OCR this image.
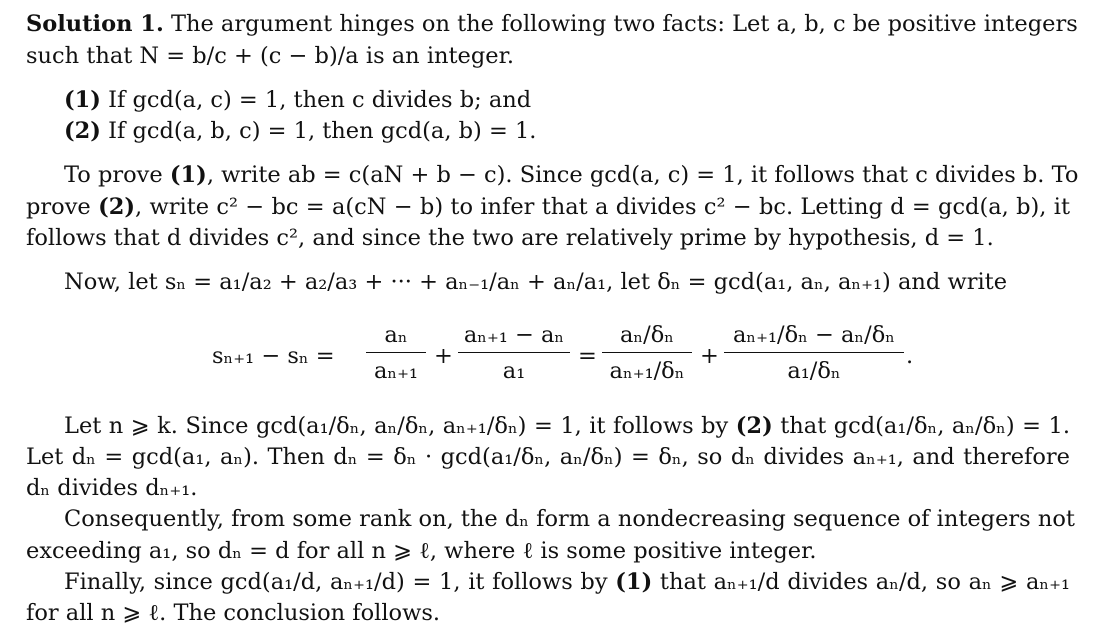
Solution 1. The argument hinges on the following two facts: Let a, b, c be positive integers
such that N = b/c + (c − b)/a is an integer.
(1) If gcd(a, c) = 1, then c divides b; and
(2) If gcd(a, b, c) = 1, then gcd(a, b) = 1.
To prove (1), write ab = c(aN + b − c). Since gcd(a, c) = 1, it follows that c divides b. To
prove (2), write c² − bc = a(cN − b) to infer that a divides c² − bc. Letting d = gcd(a, b), it
follows that d divides c², and since the two are relatively prime by hypothesis, d = 1.
Now, let sₙ = a₁/a₂ + a₂/a₃ + ··· + aₙ₋₁/aₙ + aₙ/a₁, let δₙ = gcd(a₁, aₙ, aₙ₊₁) and write
$s_{n+1} - s_n = \frac{\text{aₙ}}{\text{aₙ₊₁}} + \frac{\text{aₙ₊₁ − aₙ}}{\text{a₁}} = \frac{\text{aₙ/δₙ}}{\text{aₙ₊₁/δₙ}} + \frac{\text{aₙ₊₁/δₙ − aₙ/δₙ}}{\text{a₁/δₙ}}$ .
Let n ⩾ k. Since gcd(a₁/δₙ, aₙ/δₙ, aₙ₊₁/δₙ) = 1, it follows by (2) that gcd(a₁/δₙ, aₙ/δₙ) = 1.
Let dₙ = gcd(a₁, aₙ). Then dₙ = δₙ · gcd(a₁/δₙ, aₙ/δₙ) = δₙ, so dₙ divides aₙ₊₁, and therefore
dₙ divides dₙ₊₁.
Consequently, from some rank on, the dₙ form a nondecreasing sequence of integers not
exceeding a₁, so dₙ = d for all n ⩾ ℓ, where ℓ is some positive integer.
Finally, since gcd(a₁/d, aₙ₊₁/d) = 1, it follows by (1) that aₙ₊₁/d divides aₙ/d, so aₙ ⩾ aₙ₊₁
for all n ⩾ ℓ. The conclusion follows.
